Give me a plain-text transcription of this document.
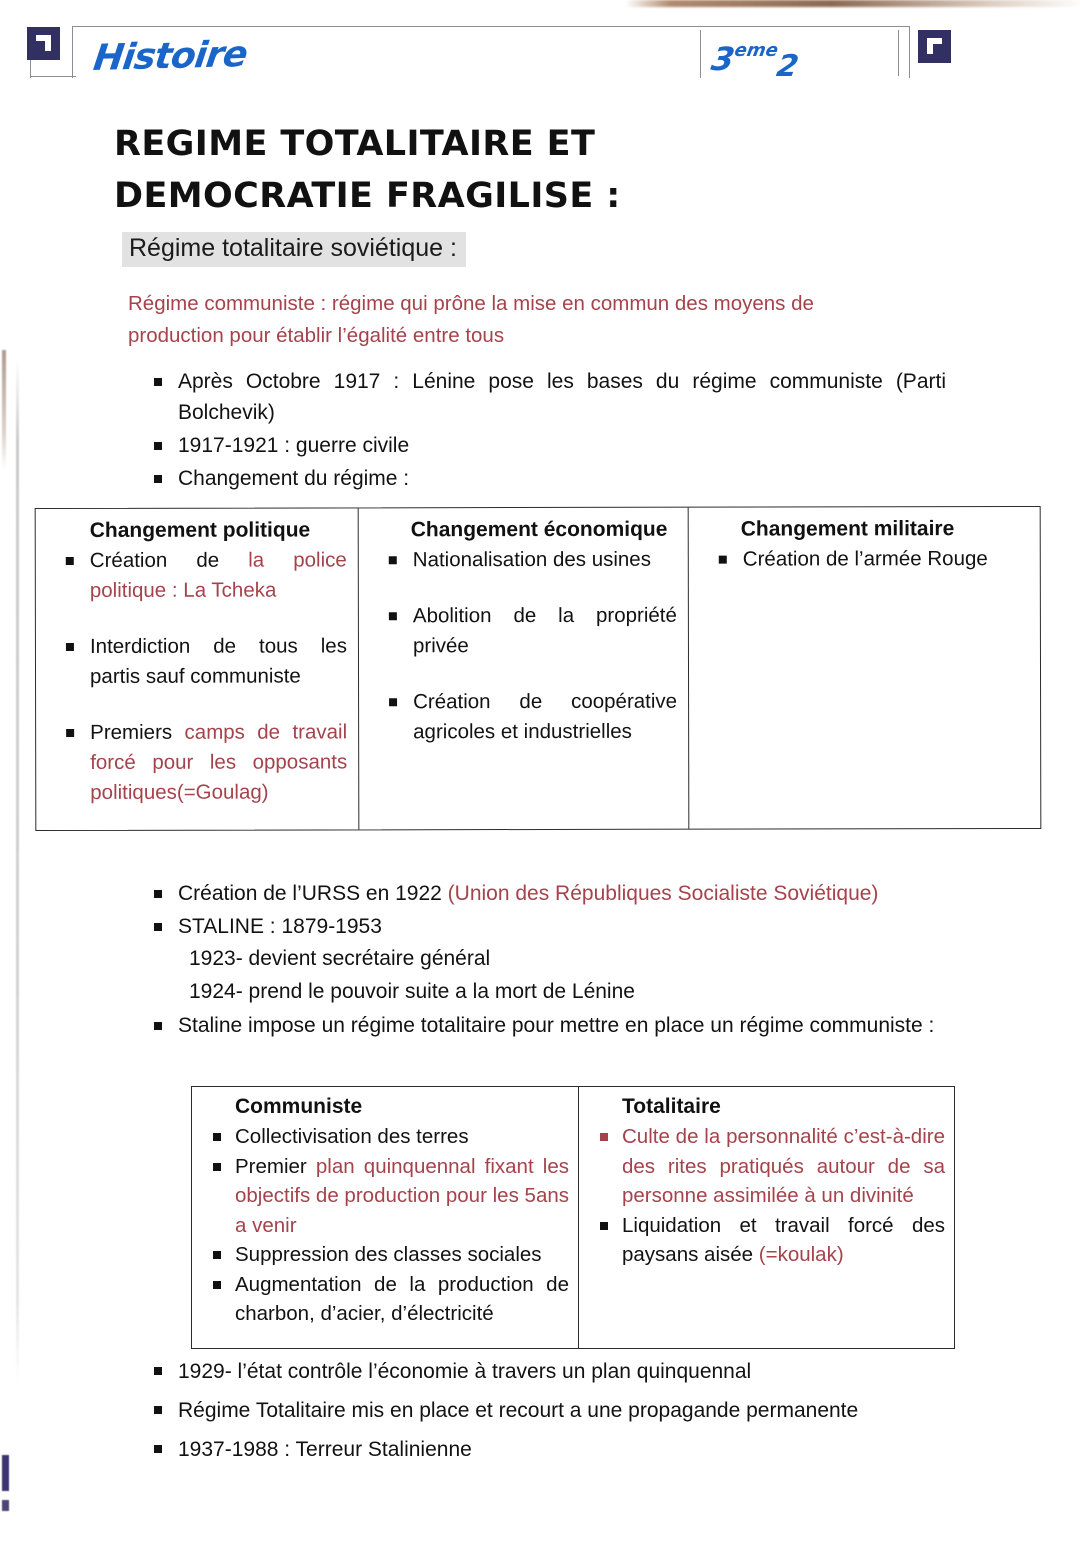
Histoire	3eme2
REGIME TOTALITAIRE ET
DEMOCRATIE FRAGILISE :
Régime totalitaire soviétique :
Régime communiste : régime qui prône la mise en commun des moyens de
production pour établir l’égalité entre tous
Après Octobre 1917 : Lénine pose les bases du régime communiste (Parti Bolchevik)
1917-1921 : guerre civile
Changement du régime :
Changement politique
Création de la police politique : La Tcheka
Interdiction de tous les partis sauf communiste
Premiers camps de travail forcé pour les opposants politiques(=Goulag)
Changement économique
Nationalisation des usines
Abolition de la propriété privée
Création de coopérative agricoles et industrielles
Changement militaire
Création de l’armée Rouge
Création de l’URSS en 1922 (Union des Républiques Socialiste Soviétique)
STALINE : 1879-1953
1923- devient secrétaire général
1924- prend le pouvoir suite a la mort de Lénine
Staline impose un régime totalitaire pour mettre en place un régime communiste :
Communiste
Collectivisation des terres
Premier plan quinquennal fixant les objectifs de production pour les 5ans a venir
Suppression des classes sociales
Augmentation de la production de charbon, d’acier, d’électricité
Totalitaire
Culte de la personnalité c’est-à-dire des rites pratiqués autour de sa personne assimilée à un divinité
Liquidation et travail forcé des paysans aisée (=koulak)
1929- l’état contrôle l’économie à travers un plan quinquennal
Régime Totalitaire mis en place et recourt a une propagande permanente
1937-1988 : Terreur Stalinienne
